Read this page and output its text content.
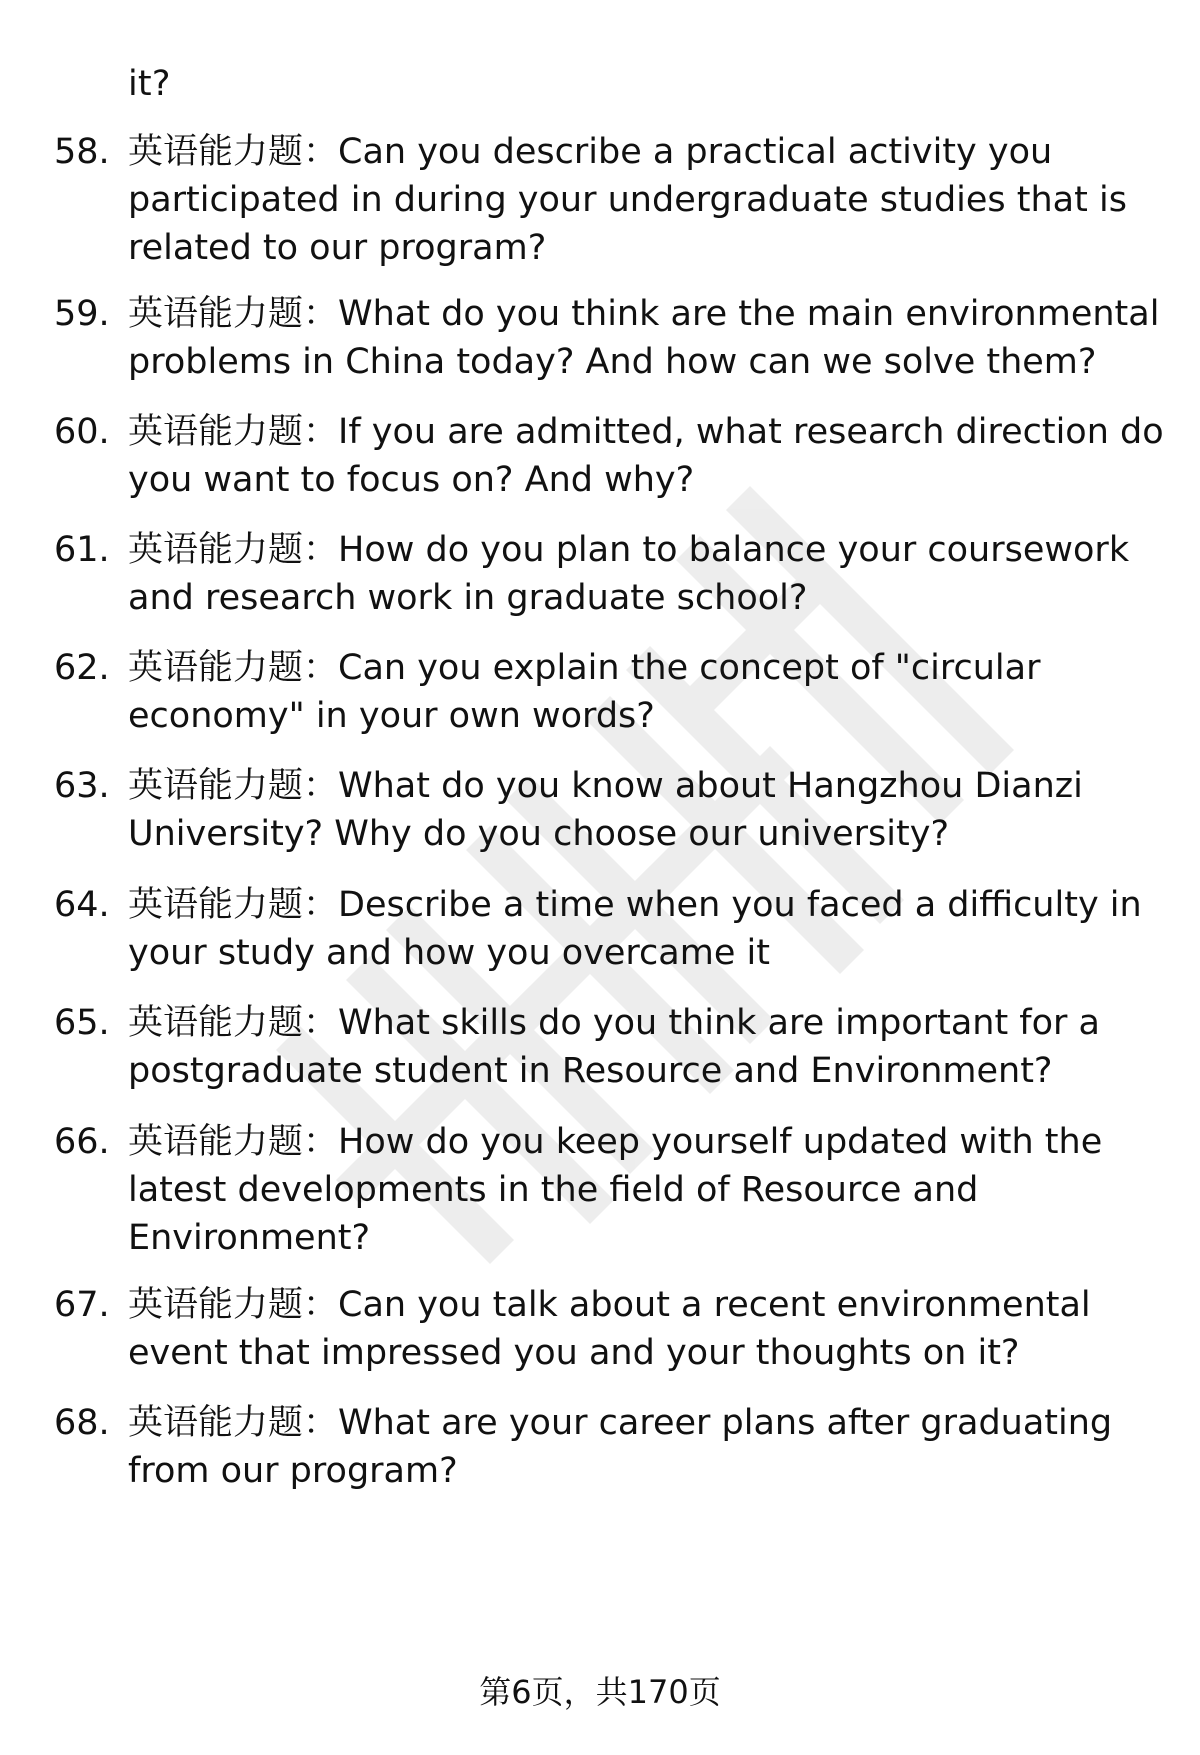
it?
58. 英语能力题：Can you describe a practical activity you participated in during your undergraduate studies that is related to our program?
59. 英语能力题：What do you think are the main environmental problems in China today? And how can we solve them?
60. 英语能力题：If you are admitted, what research direction do you want to focus on? And why?
61. 英语能力题：How do you plan to balance your coursework and research work in graduate school?
62. 英语能力题：Can you explain the concept of "circular economy" in your own words?
63. 英语能力题：What do you know about Hangzhou Dianzi University? Why do you choose our university?
64. 英语能力题：Describe a time when you faced a difficulty in your study and how you overcame it
65. 英语能力题：What skills do you think are important for a postgraduate student in Resource and Environment?
66. 英语能力题：How do you keep yourself updated with the latest developments in the field of Resource and Environment?
67. 英语能力题：Can you talk about a recent environmental event that impressed you and your thoughts on it?
68. 英语能力题：What are your career plans after graduating from our program?
第6页，共170页
